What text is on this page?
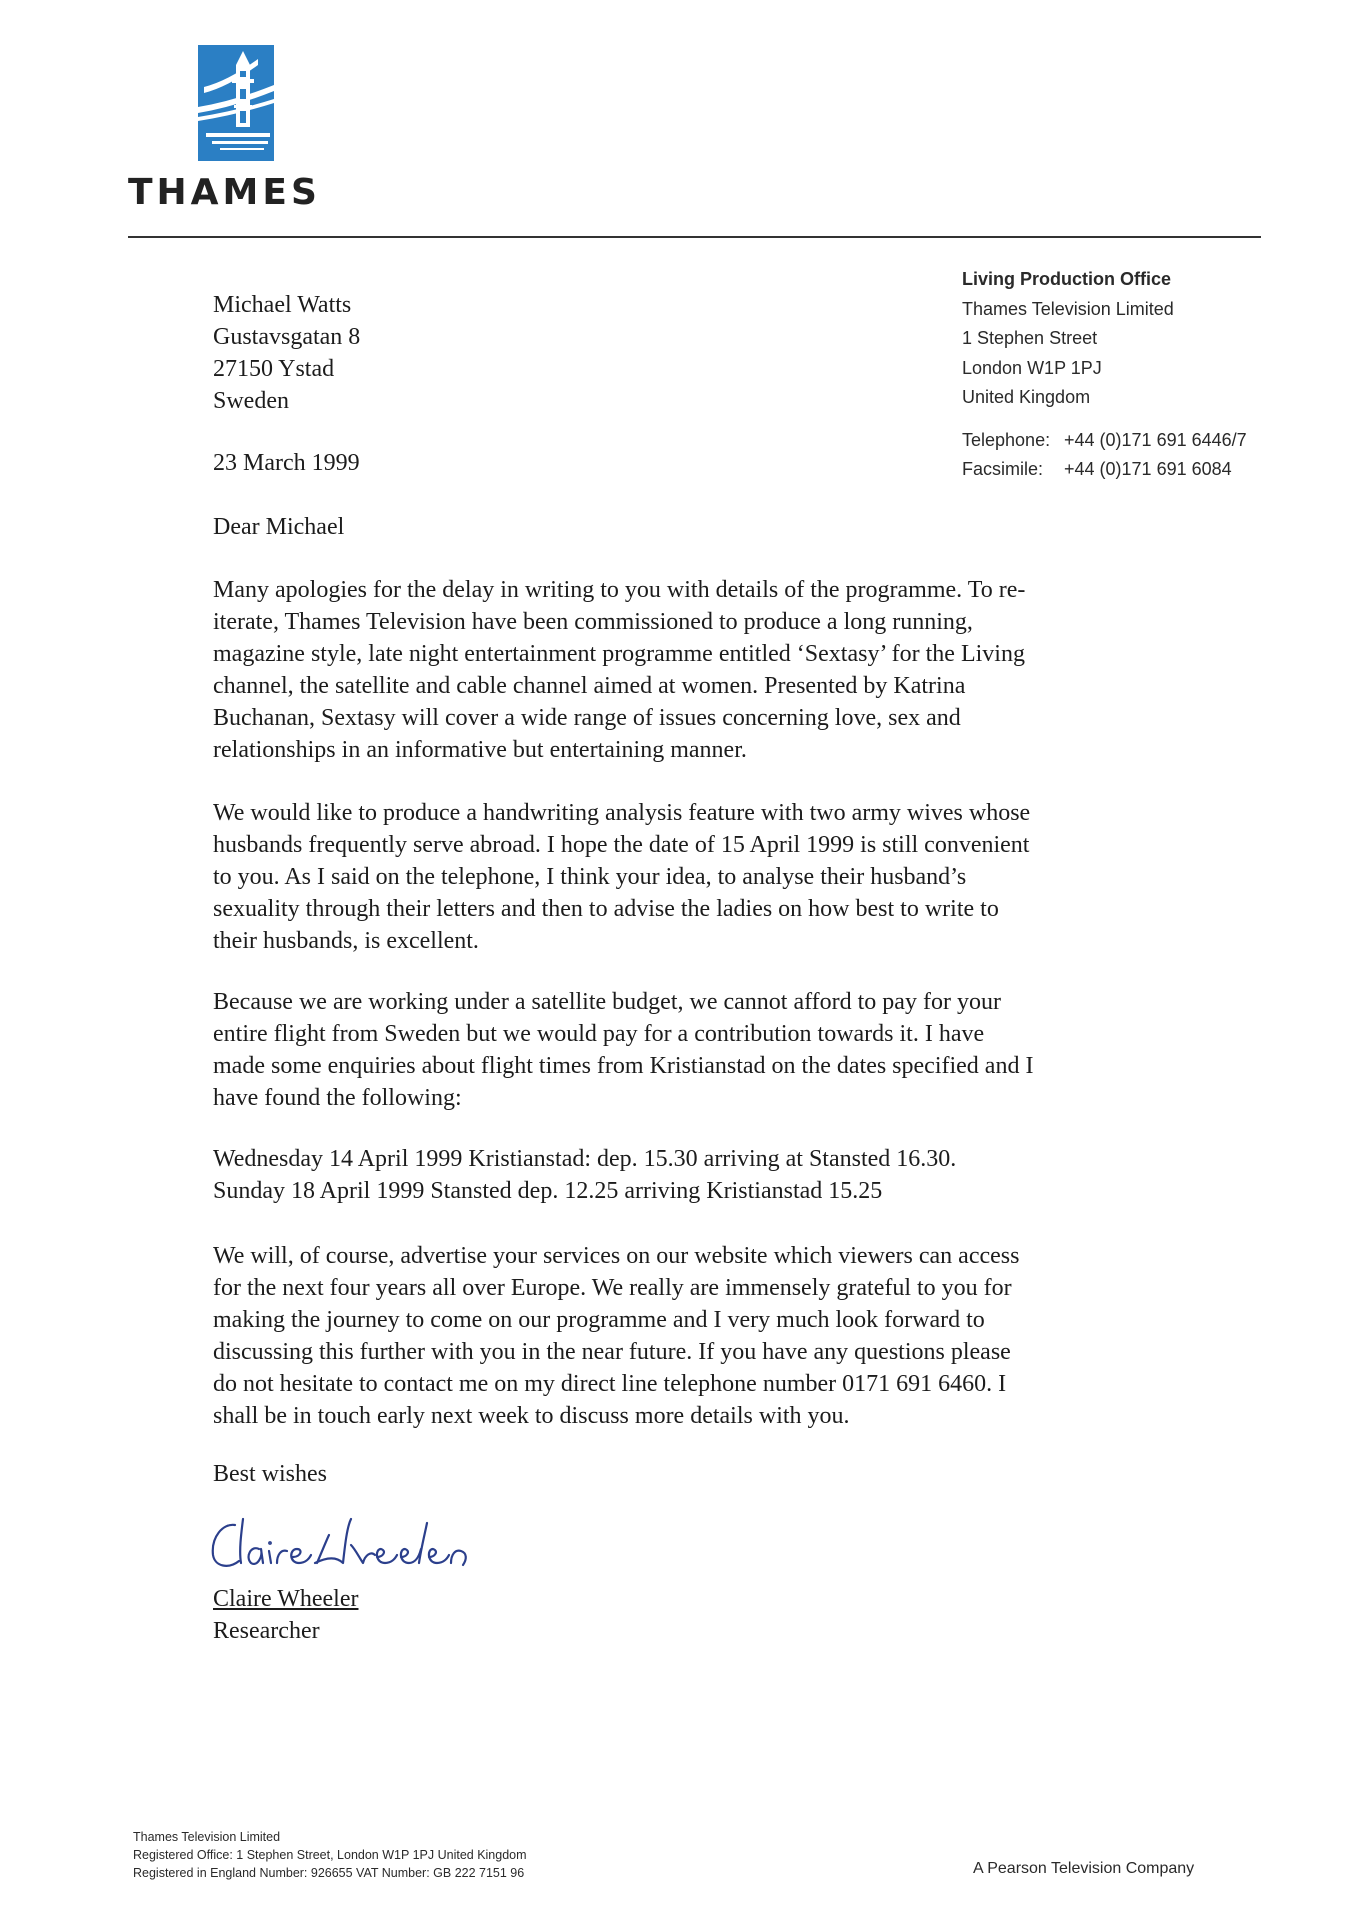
THAMES
Living Production Office
Thames Television Limited
1 Stephen Street
London W1P 1PJ
United Kingdom
Telephone: +44 (0)171 691 6446/7
Facsimile: +44 (0)171 691 6084
Michael Watts
Gustavsgatan 8
27150 Ystad
Sweden
23 March 1999
Dear Michael
Many apologies for the delay in writing to you with details of the programme. To re-
iterate, Thames Television have been commissioned to produce a long running,
magazine style, late night entertainment programme entitled ‘Sextasy’ for the Living
channel, the satellite and cable channel aimed at women. Presented by Katrina
Buchanan, Sextasy will cover a wide range of issues concerning love, sex and
relationships in an informative but entertaining manner.
We would like to produce a handwriting analysis feature with two army wives whose
husbands frequently serve abroad. I hope the date of 15 April 1999 is still convenient
to you. As I said on the telephone, I think your idea, to analyse their husband’s
sexuality through their letters and then to advise the ladies on how best to write to
their husbands, is excellent.
Because we are working under a satellite budget, we cannot afford to pay for your
entire flight from Sweden but we would pay for a contribution towards it. I have
made some enquiries about flight times from Kristianstad on the dates specified and I
have found the following:
Wednesday 14 April 1999 Kristianstad: dep. 15.30 arriving at Stansted 16.30.
Sunday 18 April 1999 Stansted dep. 12.25 arriving Kristianstad 15.25
We will, of course, advertise your services on our website which viewers can access
for the next four years all over Europe. We really are immensely grateful to you for
making the journey to come on our programme and I very much look forward to
discussing this further with you in the near future. If you have any questions please
do not hesitate to contact me on my direct line telephone number 0171 691 6460. I
shall be in touch early next week to discuss more details with you.
Best wishes
Claire Wheeler
Researcher
Thames Television Limited
Registered Office: 1 Stephen Street, London W1P 1PJ United Kingdom
Registered in England Number: 926655 VAT Number: GB 222 7151 96	A Pearson Television Company
